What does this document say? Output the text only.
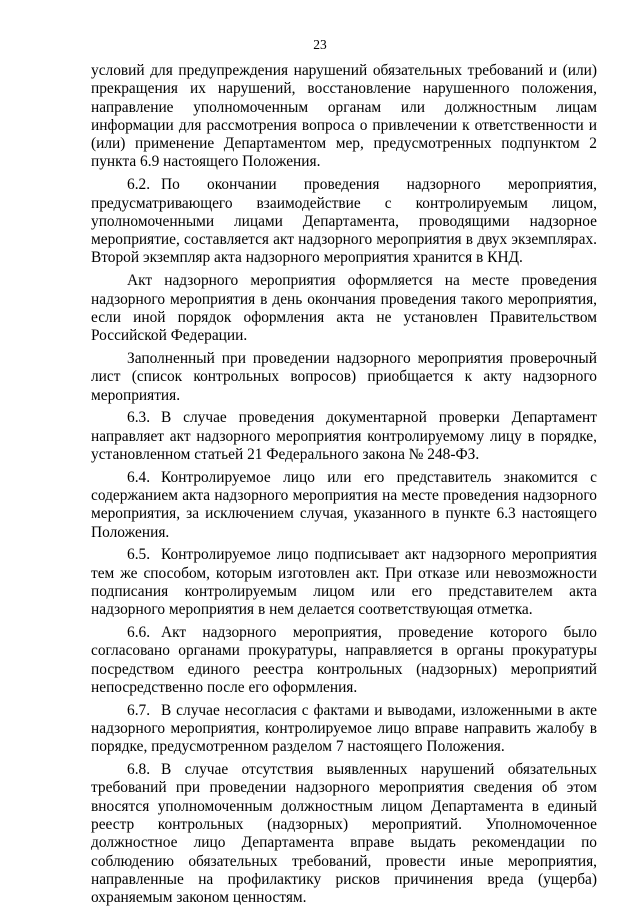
23

условий для предупреждения нарушений обязательных требований и (или) прекращения их нарушений, восстановление нарушенного положения, направление уполномоченным органам или должностным лицам информации для рассмотрения вопроса о привлечении к ответственности и (или) применение Департаментом мер, предусмотренных подпунктом 2 пункта 6.9 настоящего Положения.

6.2. По окончании проведения надзорного мероприятия, предусматривающего взаимодействие с контролируемым лицом, уполномоченными лицами Департамента, проводящими надзорное мероприятие, составляется акт надзорного мероприятия в двух экземплярах. Второй экземпляр акта надзорного мероприятия хранится в КНД.

Акт надзорного мероприятия оформляется на месте проведения надзорного мероприятия в день окончания проведения такого мероприятия, если иной порядок оформления акта не установлен Правительством Российской Федерации.

Заполненный при проведении надзорного мероприятия проверочный лист (список контрольных вопросов) приобщается к акту надзорного мероприятия.

6.3. В случае проведения документарной проверки Департамент направляет акт надзорного мероприятия контролируемому лицу в порядке, установленном статьей 21 Федерального закона № 248-ФЗ.

6.4. Контролируемое лицо или его представитель знакомится с содержанием акта надзорного мероприятия на месте проведения надзорного мероприятия, за исключением случая, указанного в пункте 6.3 настоящего Положения.

6.5. Контролируемое лицо подписывает акт надзорного мероприятия тем же способом, которым изготовлен акт. При отказе или невозможности подписания контролируемым лицом или его представителем акта надзорного мероприятия в нем делается соответствующая отметка.

6.6. Акт надзорного мероприятия, проведение которого было согласовано органами прокуратуры, направляется в органы прокуратуры посредством единого реестра контрольных (надзорных) мероприятий непосредственно после его оформления.

6.7. В случае несогласия с фактами и выводами, изложенными в акте надзорного мероприятия, контролируемое лицо вправе направить жалобу в порядке, предусмотренном разделом 7 настоящего Положения.

6.8. В случае отсутствия выявленных нарушений обязательных требований при проведении надзорного мероприятия сведения об этом вносятся уполномоченным должностным лицом Департамента в единый реестр контрольных (надзорных) мероприятий. Уполномоченное должностное лицо Департамента вправе выдать рекомендации по соблюдению обязательных требований, провести иные мероприятия, направленные на профилактику рисков причинения вреда (ущерба) охраняемым законом ценностям.
